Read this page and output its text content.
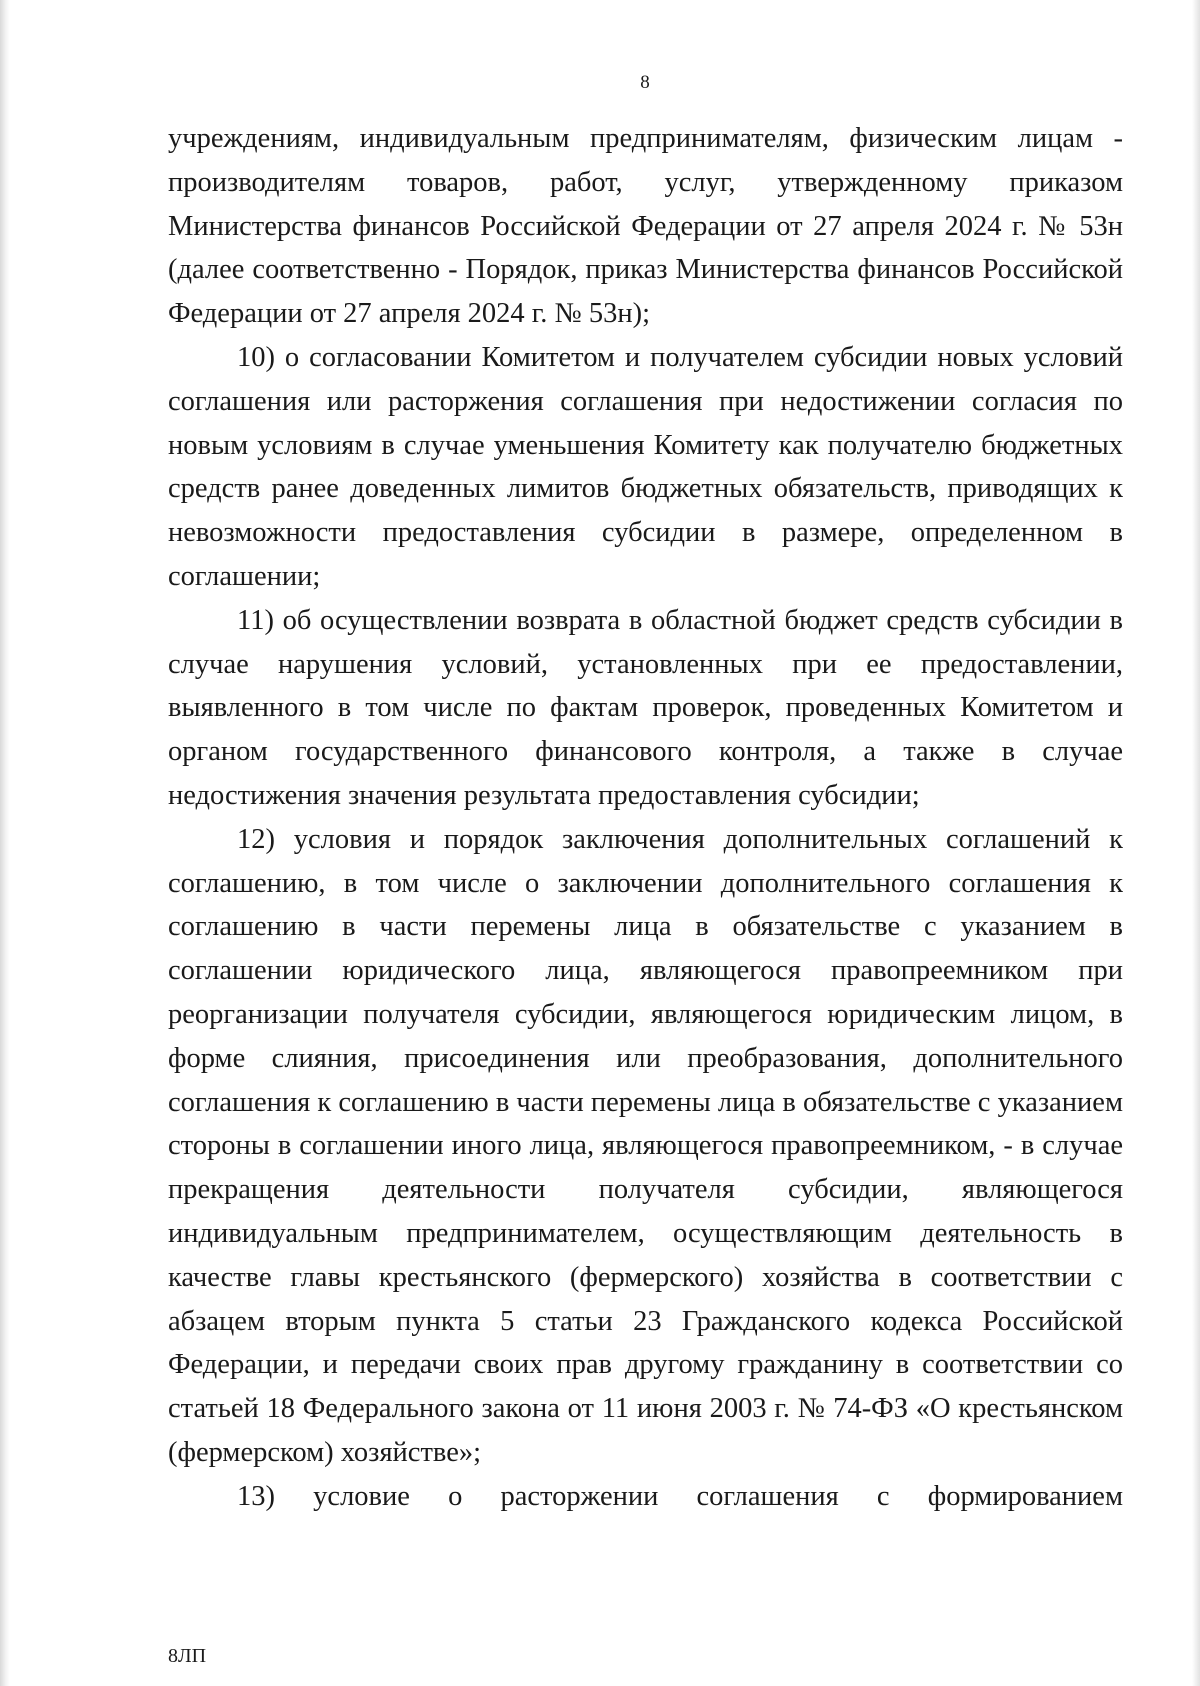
8

учреждениям, индивидуальным предпринимателям, физическим лицам - производителям товаров, работ, услуг, утвержденному приказом Министерства финансов Российской Федерации от 27 апреля 2024 г. № 53н (далее соответственно - Порядок, приказ Министерства финансов Российской Федерации от 27 апреля 2024 г. № 53н);

10) о согласовании Комитетом и получателем субсидии новых условий соглашения или расторжения соглашения при недостижении согласия по новым условиям в случае уменьшения Комитету как получателю бюджетных средств ранее доведенных лимитов бюджетных обязательств, приводящих к невозможности предоставления субсидии в размере, определенном в соглашении;

11) об осуществлении возврата в областной бюджет средств субсидии в случае нарушения условий, установленных при ее предоставлении, выявленного в том числе по фактам проверок, проведенных Комитетом и органом государственного финансового контроля, а также в случае недостижения значения результата предоставления субсидии;

12) условия и порядок заключения дополнительных соглашений к соглашению, в том числе о заключении дополнительного соглашения к соглашению в части перемены лица в обязательстве с указанием в соглашении юридического лица, являющегося правопреемником при реорганизации получателя субсидии, являющегося юридическим лицом, в форме слияния, присоединения или преобразования, дополнительного соглашения к соглашению в части перемены лица в обязательстве с указанием стороны в соглашении иного лица, являющегося правопреемником, - в случае прекращения деятельности получателя субсидии, являющегося индивидуальным предпринимателем, осуществляющим деятельность в качестве главы крестьянского (фермерского) хозяйства в соответствии с абзацем вторым пункта 5 статьи 23 Гражданского кодекса Российской Федерации, и передачи своих прав другому гражданину в соответствии со статьей 18 Федерального закона от 11 июня 2003 г. № 74-ФЗ «О крестьянском (фермерском) хозяйстве»;

13) условие о расторжении соглашения с формированием

8ЛП
